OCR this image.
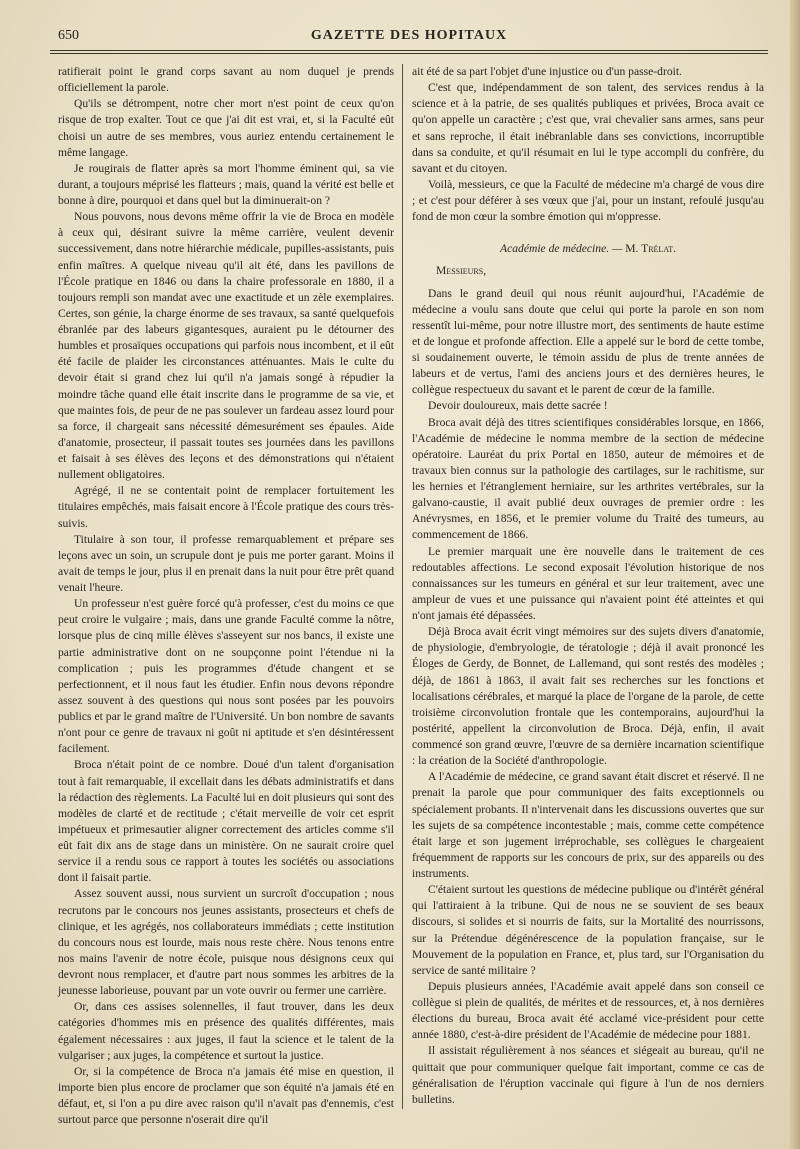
650	GAZETTE DES HOPITAUX

ratifierait point le grand corps savant au nom duquel je prends officiellement la parole.

Qu'ils se détrompent, notre cher mort n'est point de ceux qu'on risque de trop exalter. Tout ce que j'ai dit est vrai, et, si la Faculté eût choisi un autre de ses membres, vous auriez entendu certainement le même langage.

Je rougirais de flatter après sa mort l'homme éminent qui, sa vie durant, a toujours méprisé les flatteurs ; mais, quand la vérité est belle et bonne à dire, pourquoi et dans quel but la diminuerait-on ?

Nous pouvons, nous devons même offrir la vie de Broca en modèle à ceux qui, désirant suivre la même carrière, veulent devenir successivement, dans notre hiérarchie médicale, pupilles-assistants, puis enfin maîtres. A quelque niveau qu'il ait été, dans les pavillons de l'École pratique en 1846 ou dans la chaire professorale en 1880, il a toujours rempli son mandat avec une exactitude et un zèle exemplaires. Certes, son génie, la charge énorme de ses travaux, sa santé quelquefois ébranlée par des labeurs gigantesques, auraient pu le détourner des humbles et prosaïques occupations qui parfois nous incombent, et il eût été facile de plaider les circonstances atténuantes. Mais le culte du devoir était si grand chez lui qu'il n'a jamais songé à répudier la moindre tâche quand elle était inscrite dans le programme de sa vie, et que maintes fois, de peur de ne pas soulever un fardeau assez lourd pour sa force, il chargeait sans nécessité démesurément ses épaules. Aide d'anatomie, prosecteur, il passait toutes ses journées dans les pavillons et faisait à ses élèves des leçons et des démonstrations qui n'étaient nullement obligatoires.

Agrégé, il ne se contentait point de remplacer fortuitement les titulaires empêchés, mais faisait encore à l'École pratique des cours très-suivis.

Titulaire à son tour, il professe remarquablement et prépare ses leçons avec un soin, un scrupule dont je puis me porter garant. Moins il avait de temps le jour, plus il en prenait dans la nuit pour être prêt quand venait l'heure.

Un professeur n'est guère forcé qu'à professer, c'est du moins ce que peut croire le vulgaire ; mais, dans une grande Faculté comme la nôtre, lorsque plus de cinq mille élèves s'asseyent sur nos bancs, il existe une partie administrative dont on ne soupçonne point l'étendue ni la complication ; puis les programmes d'étude changent et se perfectionnent, et il nous faut les étudier. Enfin nous devons répondre assez souvent à des questions qui nous sont posées par les pouvoirs publics et par le grand maître de l'Université. Un bon nombre de savants n'ont pour ce genre de travaux ni goût ni aptitude et s'en désintéressent facilement.

Broca n'était point de ce nombre. Doué d'un talent d'organisation tout à fait remarquable, il excellait dans les débats administratifs et dans la rédaction des règlements. La Faculté lui en doit plusieurs qui sont des modèles de clarté et de rectitude ; c'était merveille de voir cet esprit impétueux et primesautier aligner correctement des articles comme s'il eût fait dix ans de stage dans un ministère. On ne saurait croire quel service il a rendu sous ce rapport à toutes les sociétés ou associations dont il faisait partie.

Assez souvent aussi, nous survient un surcroît d'occupation ; nous recrutons par le concours nos jeunes assistants, prosecteurs et chefs de clinique, et les agrégés, nos collaborateurs immédiats ; cette institution du concours nous est lourde, mais nous reste chère. Nous tenons entre nos mains l'avenir de notre école, puisque nous désignons ceux qui devront nous remplacer, et d'autre part nous sommes les arbitres de la jeunesse laborieuse, pouvant par un vote ouvrir ou fermer une carrière.

Or, dans ces assises solennelles, il faut trouver, dans les deux catégories d'hommes mis en présence des qualités différentes, mais également nécessaires : aux juges, il faut la science et le talent de la vulgariser ; aux juges, la compétence et surtout la justice.

Or, si la compétence de Broca n'a jamais été mise en question, il importe bien plus encore de proclamer que son équité n'a jamais été en défaut, et, si l'on a pu dire avec raison qu'il n'avait pas d'ennemis, c'est surtout parce que personne n'oserait dire qu'il

ait été de sa part l'objet d'une injustice ou d'un passe-droit.

C'est que, indépendamment de son talent, des services rendus à la science et à la patrie, de ses qualités publiques et privées, Broca avait ce qu'on appelle un caractère ; c'est que, vrai chevalier sans armes, sans peur et sans reproche, il était inébranlable dans ses convictions, incorruptible dans sa conduite, et qu'il résumait en lui le type accompli du confrère, du savant et du citoyen.

Voilà, messieurs, ce que la Faculté de médecine m'a chargé de vous dire ; et c'est pour déférer à ses vœux que j'ai, pour un instant, refoulé jusqu'au fond de mon cœur la sombre émotion qui m'oppresse.

Académie de médecine. — M. Trélat.
Messieurs,

Dans le grand deuil qui nous réunit aujourd'hui, l'Académie de médecine a voulu sans doute que celui qui porte la parole en son nom ressentît lui-même, pour notre illustre mort, des sentiments de haute estime et de longue et profonde affection. Elle a appelé sur le bord de cette tombe, si soudainement ouverte, le témoin assidu de plus de trente années de labeurs et de vertus, l'ami des anciens jours et des dernières heures, le collègue respectueux du savant et le parent de cœur de la famille.

Devoir douloureux, mais dette sacrée !

Broca avait déjà des titres scientifiques considérables lorsque, en 1866, l'Académie de médecine le nomma membre de la section de médecine opératoire. Lauréat du prix Portal en 1850, auteur de mémoires et de travaux bien connus sur la pathologie des cartilages, sur le rachitisme, sur les hernies et l'étranglement herniaire, sur les arthrites vertébrales, sur la galvano-caustie, il avait publié deux ouvrages de premier ordre : les Anévrysmes, en 1856, et le premier volume du Traité des tumeurs, au commencement de 1866.

Le premier marquait une ère nouvelle dans le traitement de ces redoutables affections. Le second exposait l'évolution historique de nos connaissances sur les tumeurs en général et sur leur traitement, avec une ampleur de vues et une puissance qui n'avaient point été atteintes et qui n'ont jamais été dépassées.

Déjà Broca avait écrit vingt mémoires sur des sujets divers d'anatomie, de physiologie, d'embryologie, de tératologie ; déjà il avait prononcé les Éloges de Gerdy, de Bonnet, de Lallemand, qui sont restés des modèles ; déjà, de 1861 à 1863, il avait fait ses recherches sur les fonctions et localisations cérébrales, et marqué la place de l'organe de la parole, de cette troisième circonvolution frontale que les contemporains, aujourd'hui la postérité, appellent la circonvolution de Broca. Déjà, enfin, il avait commencé son grand œuvre, l'œuvre de sa dernière incarnation scientifique : la création de la Société d'anthropologie.

A l'Académie de médecine, ce grand savant était discret et réservé. Il ne prenait la parole que pour communiquer des faits exceptionnels ou spécialement probants. Il n'intervenait dans les discussions ouvertes que sur les sujets de sa compétence incontestable ; mais, comme cette compétence était large et son jugement irréprochable, ses collègues le chargeaient fréquemment de rapports sur les concours de prix, sur des appareils ou des instruments.

C'étaient surtout les questions de médecine publique ou d'intérêt général qui l'attiraient à la tribune. Qui de nous ne se souvient de ses beaux discours, si solides et si nourris de faits, sur la Mortalité des nourrissons, sur la Prétendue dégénérescence de la population française, sur le Mouvement de la population en France, et, plus tard, sur l'Organisation du service de santé militaire ?

Depuis plusieurs années, l'Académie avait appelé dans son conseil ce collègue si plein de qualités, de mérites et de ressources, et, à nos dernières élections du bureau, Broca avait été acclamé vice-président pour cette année 1880, c'est-à-dire président de l'Académie de médecine pour 1881.

Il assistait régulièrement à nos séances et siégeait au bureau, qu'il ne quittait que pour communiquer quelque fait important, comme ce cas de généralisation de l'éruption vaccinale qui figure à l'un de nos derniers bulletins.
